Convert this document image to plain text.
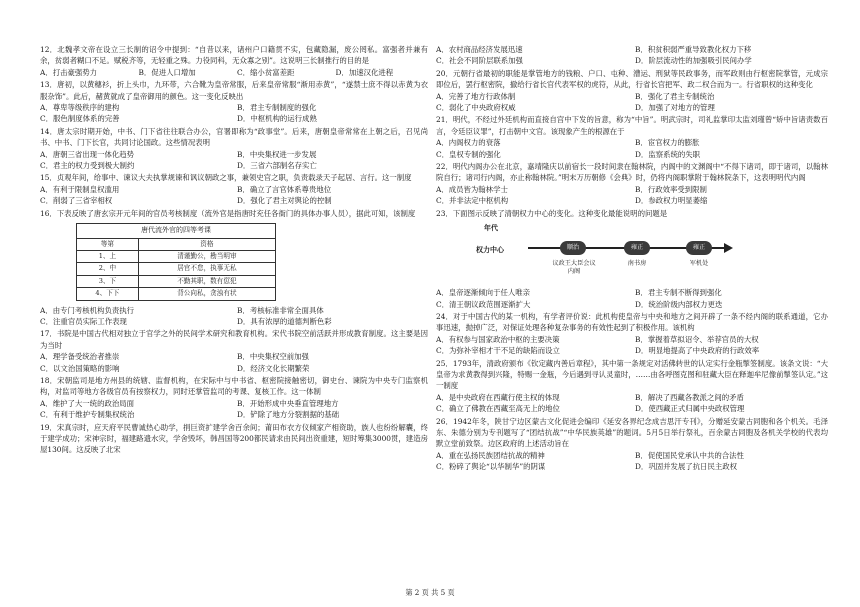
12．北魏孝文帝在设立三长制的诏令中提到：“自昔以来，诸州户口籍贯不实，包藏隐漏，废公罔私。富强者并兼有余，贫弱者糊口不足。赋税齐等，无轻重之殊。力役同科，无众寡之别”。这说明三长制推行的目的是
A．打击豪强势力	B．促进人口增加	C．缩小贫富差距	D．加速汉化进程
13．唐初，以黄穗衫，折上头巾，九环带，六合靴为皇帝常服，后来皇帝常服“渐用赤黄”，“遂禁士庶不得以赤黄为衣服杂饰”。此后，赭黄就成了皇帝御用的颜色。这一变化反映出
A．尊卑等级秩序的建构	B．君主专制制度的强化
C．服色制度体系的完善	D．中枢机构的运行成熟
14．唐太宗时期开始，中书、门下省往往联合办公，官署即称为“政事堂”。后来，唐朝皇帝常常在上朝之后，召见尚书、中书、门下长官，共同讨论国政。这些情况表明
A．唐朝三省出现一体化趋势	B．中央集权进一步发展
C．君主的权力受到极大制约	D．三省六部制名存实亡
15．贞观年间，给事中、谏议大夫执掌规谏和讽议朝政之事，兼领史官之职，负责载录天子起居、言行。这一制度
A．有利于限制皇权滥用	B．确立了言官体系尊贵地位
C．削弱了三省宰相权	D．强化了君主对舆论的控制
16．下表反映了唐玄宗开元年间的官员考核制度（流外官是指唐时充任各衙门的具体办事人员），据此可知，该制度
唐代流外官的四等考课
等第	资格
1、上	清谨勤公，勘当明审
2、中	居官不怠，执事无私
3、下	不勤其职，数有愆犯
4、下下	背公向私，贪浊有状
A．由专门考核机构负责执行	B．考核标准非常全面具体
C．注重官员实际工作表现	D．具有浓厚的道德判断色彩
17．书院是中国古代相对独立于官学之外的民间学术研究和教育机构。宋代书院空前活跃并形成教育制度。这主要是因为当时
A．理学备受统治者推崇	B．中央集权空前加强
C．以文治国策略的影响	D．经济文化长期繁荣
18．宋朝监司是地方州县的统辖、监督机构，在宋际中与中书省、枢密院接触密切，御史台、谏院为中央专门监察机构，对监司等地方各级官员有按察权力，同时还掌管监司的考课、复核工作。这一体制
A．维护了大一统的政治局面	B．开始形成中央垂直管理地方
C．有利于维护专制集权统治	D．铲除了地方分裂割据的基础
19．宋真宗时，应天府平民曹诚热心助学，捐巨资扩建学舍百余间；莆田布衣方仪倾家产相资助，族人也纷纷解囊，终于建学成功；宋神宗时，福建路遗水灾，学舍毁坏，韩昌国等200都民请求由民间出资重建，短时筹集3000贯，建造房屋130间。这反映了北宋
A．农村商品经济发展迅速	B．积贫积弱严重导致教化权力下移
C．社会不同阶层联系加强	D．阶层流动性的加强吸引民间办学
20．元朝行省最初的职能是掌管地方的钱粮、户口、屯种、漕运、刑狱等民政事务，而军政则由行枢密院掌管，元成宗即位后，罢行枢密院，撤给行省长官代表军权的虎符，从此，行省长官把军、政二权合而为一。行省职权的这种变化
A．完善了地方行政体制	B．强化了君主专制统治
C．弱化了中央政府权威	D．加强了对地方的管理
21．明代，不经过外廷机构而直接自宫中下发的旨意，称为“中旨”。明武宗时，司礼监掌印太监刘瑾曾“矫中旨诸责数百言，令廷臣议罪”，打击朝中文官。该现象产生的根源在于
A．内阁权力的衰落	B．宦官权力的膨胀
C．皇权专制的强化	D．监察系统的失职
22．明代内阁办公在北京，嘉靖隆庆以前宿长一段时间隶在翰林院，内阁中的文渊阁中“不得下诸司，即于诸司，以翰林院自行；诸司行内阁，亦止称翰林院。”明末万历朝修《会典》时，仍将内阁职掌附于翰林院条下，这表明明代内阁
A．成员皆为翰林学士	B．行政效率受到限制
C．并非法定中枢机构	D．参政权力明显萎缩
23．下面图示反映了清朝权力中心的变化。这种变化最能说明的问题是
年代
权力中心	顺治	雍正	雍正
议政王大臣会议
内阁
南书房	军机处
A．皇帝逐渐倾向于任人唯亲	B．君主专制不断得到强化
C．清王朝议政范围逐渐扩大	D．统治阶级内部权力更迭
24．对于中国古代的某一机构，有学者评价说：此机构使皇帝与中央和地方之间开辟了一条不经内阁的联系通道，它办事迅速，抛掉广泛，对保证处理各种复杂事务的有效性起到了积极作用。该机构
A．有权参与国家政治中枢的主要决策	B．掌握着草拟诏令、举荐官员的大权
C．为弥补宰相才干不足的缺陷而设立	D．明显地提高了中央政府的行政效率
25．1793年，清政府颁布《钦定藏内善后章程》，其中第一条规定对活佛转世的认定实行金瓶掣签制度。该条文说：“大皇帝为求黄教得到兴隆，特赐一金瓶，今后遇到寻认灵童时，……由各呼图克图和驻藏大臣在释迦牟尼像前掣签认定。”这一制度
A．是中央政府在西藏行使主权的体现	B．解决了西藏各教派之间的矛盾
C．确立了佛教在西藏至高无上的地位	D．使西藏正式归属中央政权管理
26．1942年冬，陕甘宁边区蒙古文化促进会编印《延安各界纪念成吉思汗专刊》，分赠延安蒙古同胞和各个机关。毛泽东、朱德分别为专刊题写了“团结抗战”“中华民族英雄”的题词。5月5日举行祭礼，百余蒙古同胞及各机关学校的代表均默立堂前致祭。边区政府的上述活动旨在
A．重在弘扬民族团结抗战的精神	B．促使国民党承认中共的合法性
C．粉碎了舆论“以华制华”的阴谋	D．巩固并发展了抗日民主政权
第 2 页 共 5 页
